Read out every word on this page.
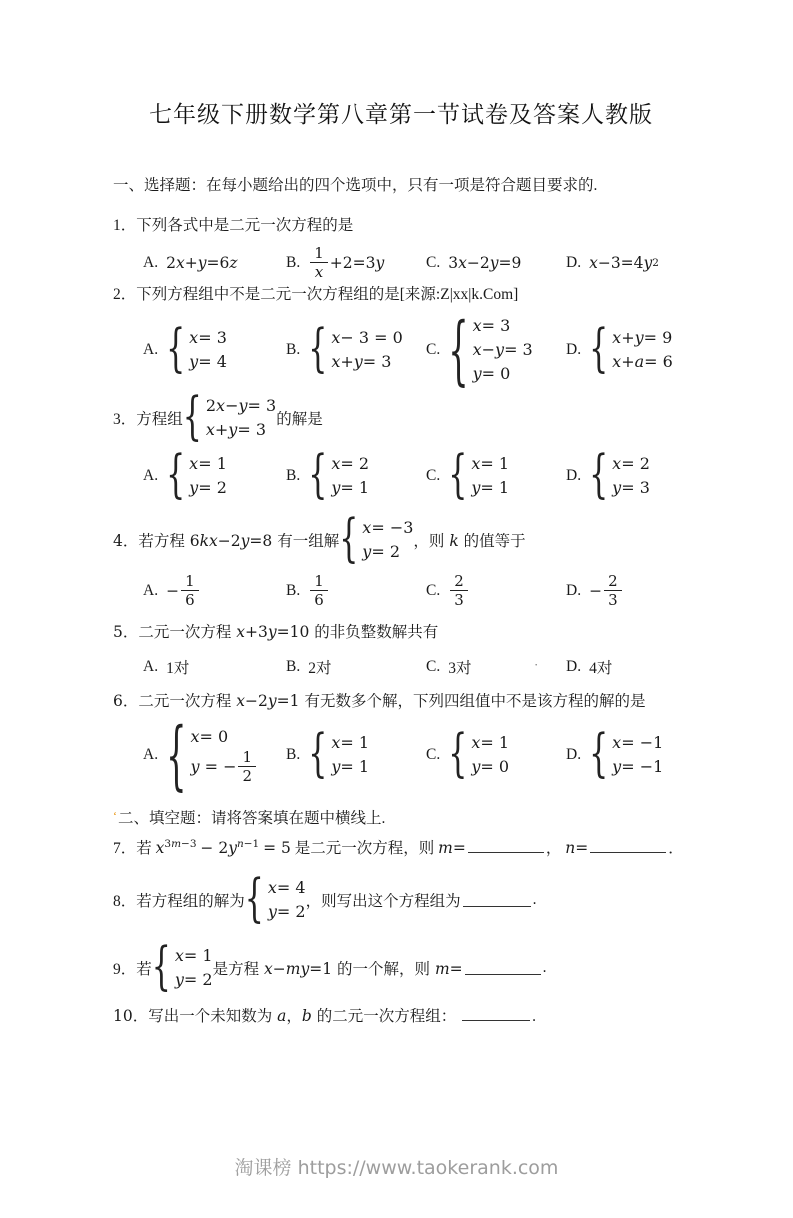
七年级下册数学第八章第一节试卷及答案人教版
一、选择题：在每小题给出的四个选项中，只有一项是符合题目要求的.
1．下列各式中是二元一次方程的是
A. 2x+y=6z	B. $\frac{1}{x} +2=3y$	C. 3x−2y=9	D. x−3=4y 2
2．下列方程组中不是二元一次方程组的是[来源:Z|xx|k.Com]
A. { x = 3
y = 4
B. { x − 3 = 0
x + y = 3
C. { x = 3
x − y = 3
y = 0
D. { x + y = 9
x + a = 6
3．方程组 { 2 x − y = 3
x + y = 3
的解是
A. { x = 1
y = 2
B. { x = 2
y = 1
C. { x = 1
y = 1
D. { x = 2
y = 3
4．若方程 6kx−2y=8 有一组解 { x = −3
y = 2
，则 k 的值等于
A. − $\frac{1}{6}$	B. $\frac{1}{6}$	C. $\frac{2}{3}$	D. − $\frac{2}{3}$
5．二元一次方程 x+3y=10 的非负整数解共有
A. 1对	B. 2对	C. 3对	· D. 4对
6．二元一次方程 x−2y=1 有无数多个解，下列四组值中不是该方程的解的是
A. { x = 0
y = − $\frac{1}{2} B$. { x = 1
y = 1
C. { x = 1
y = 0
D. { x = −1
y = −1
ʻ二、填空题：请将答案填在题中横线上.
7．若 $x^{3m-3} - 2y^{n-1} = 5$ 是二元一次方程，则 m=	， n=	．
8．若方程组的解为 { x = 4
y = 2
，则写出这个方程组为	.
9．若 { x = 1
y = 2
是方程 x−my=1 的一个解，则 m=	.
10．写出一个未知数为 a，b 的二元一次方程组：	.
淘课榜 https://www.taokerank.com
